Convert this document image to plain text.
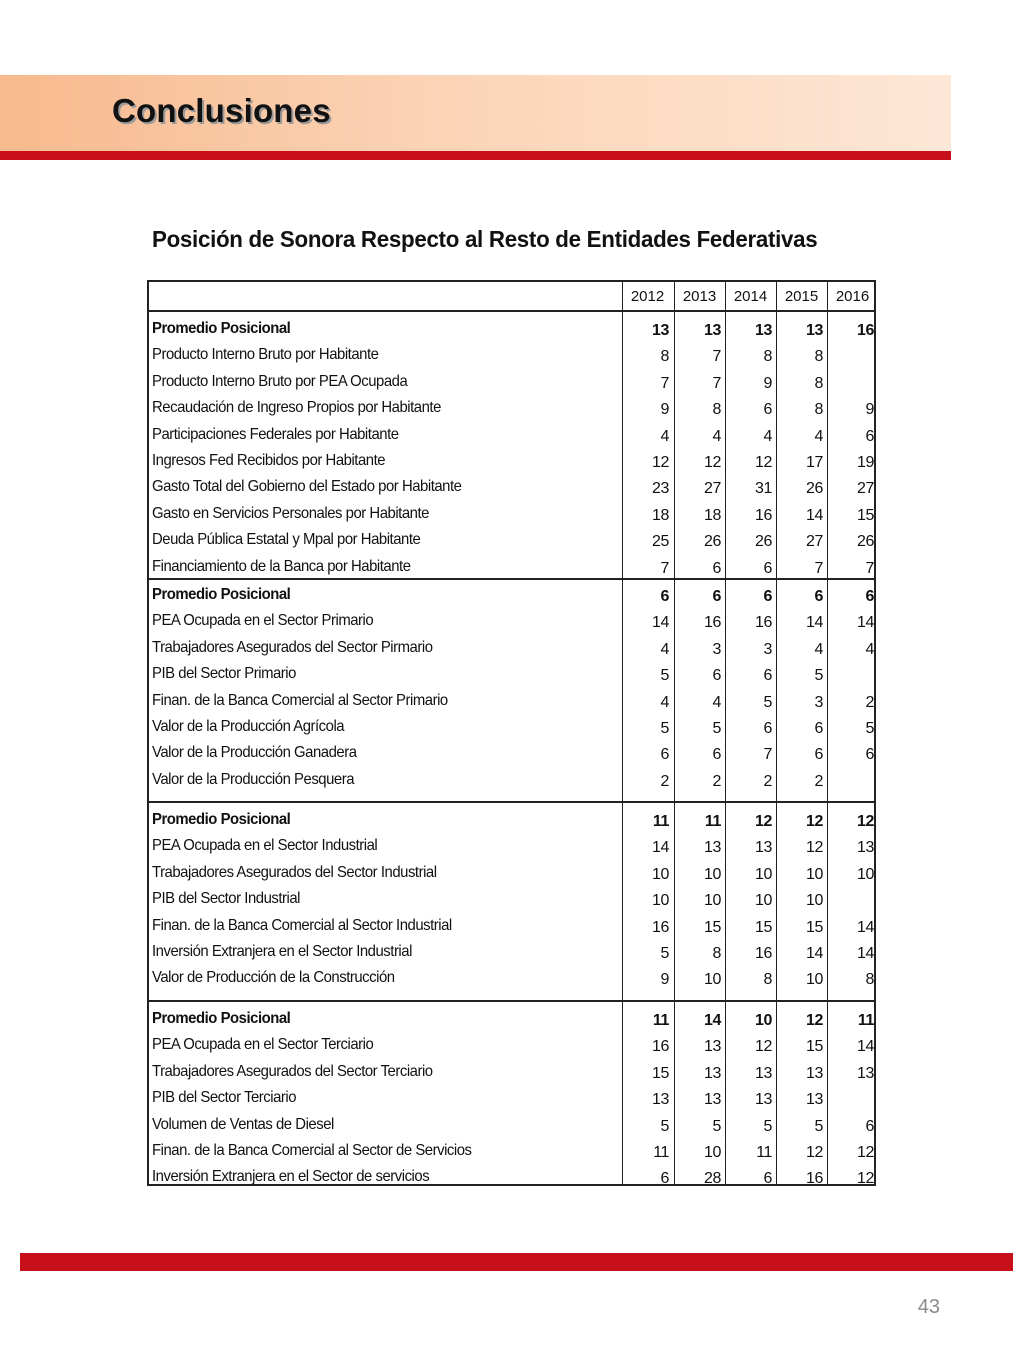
Conclusiones
Posición de Sonora Respecto al Resto de Entidades Federativas
2012	2013	2014	2015	2016
Promedio Posicional	13	13	13	13	16
Producto Interno Bruto por Habitante	8	7	8	8
Producto Interno Bruto por PEA Ocupada	7	7	9	8
Recaudación de Ingreso Propios por Habitante	9	8	6	8	9
Participaciones Federales por Habitante	4	4	4	4	6
Ingresos Fed Recibidos por Habitante	12	12	12	17	19
Gasto Total del Gobierno del Estado por Habitante	23	27	31	26	27
Gasto en Servicios Personales por Habitante	18	18	16	14	15
Deuda Pública Estatal y Mpal por Habitante	25	26	26	27	26
Financiamiento de la Banca por Habitante	7	6	6	7	7
Promedio Posicional	6	6	6	6	6
PEA Ocupada en el Sector Primario	14	16	16	14	14
Trabajadores Asegurados del Sector Pirmario	4	3	3	4	4
PIB del Sector Primario	5	6	6	5
Finan. de la Banca Comercial al Sector Primario	4	4	5	3	2
Valor de la Producción Agrícola	5	5	6	6	5
Valor de la Producción Ganadera	6	6	7	6	6
Valor de la Producción Pesquera	2	2	2	2
Promedio Posicional	11	11	12	12	12
PEA Ocupada en el Sector Industrial	14	13	13	12	13
Trabajadores Asegurados del Sector Industrial	10	10	10	10	10
PIB del Sector Industrial	10	10	10	10
Finan. de la Banca Comercial al Sector Industrial	16	15	15	15	14
Inversión Extranjera en el Sector Industrial	5	8	16	14	14
Valor de Producción de la Construcción	9	10	8	10	8
Promedio Posicional	11	14	10	12	11
PEA Ocupada en el Sector Terciario	16	13	12	15	14
Trabajadores Asegurados del Sector Terciario	15	13	13	13	13
PIB del Sector Terciario	13	13	13	13
Volumen de Ventas de Diesel	5	5	5	5	6
Finan. de la Banca Comercial al Sector de Servicios	11	10	11	12	12
Inversión Extranjera en el Sector de servicios	6	28	6	16	12
43
